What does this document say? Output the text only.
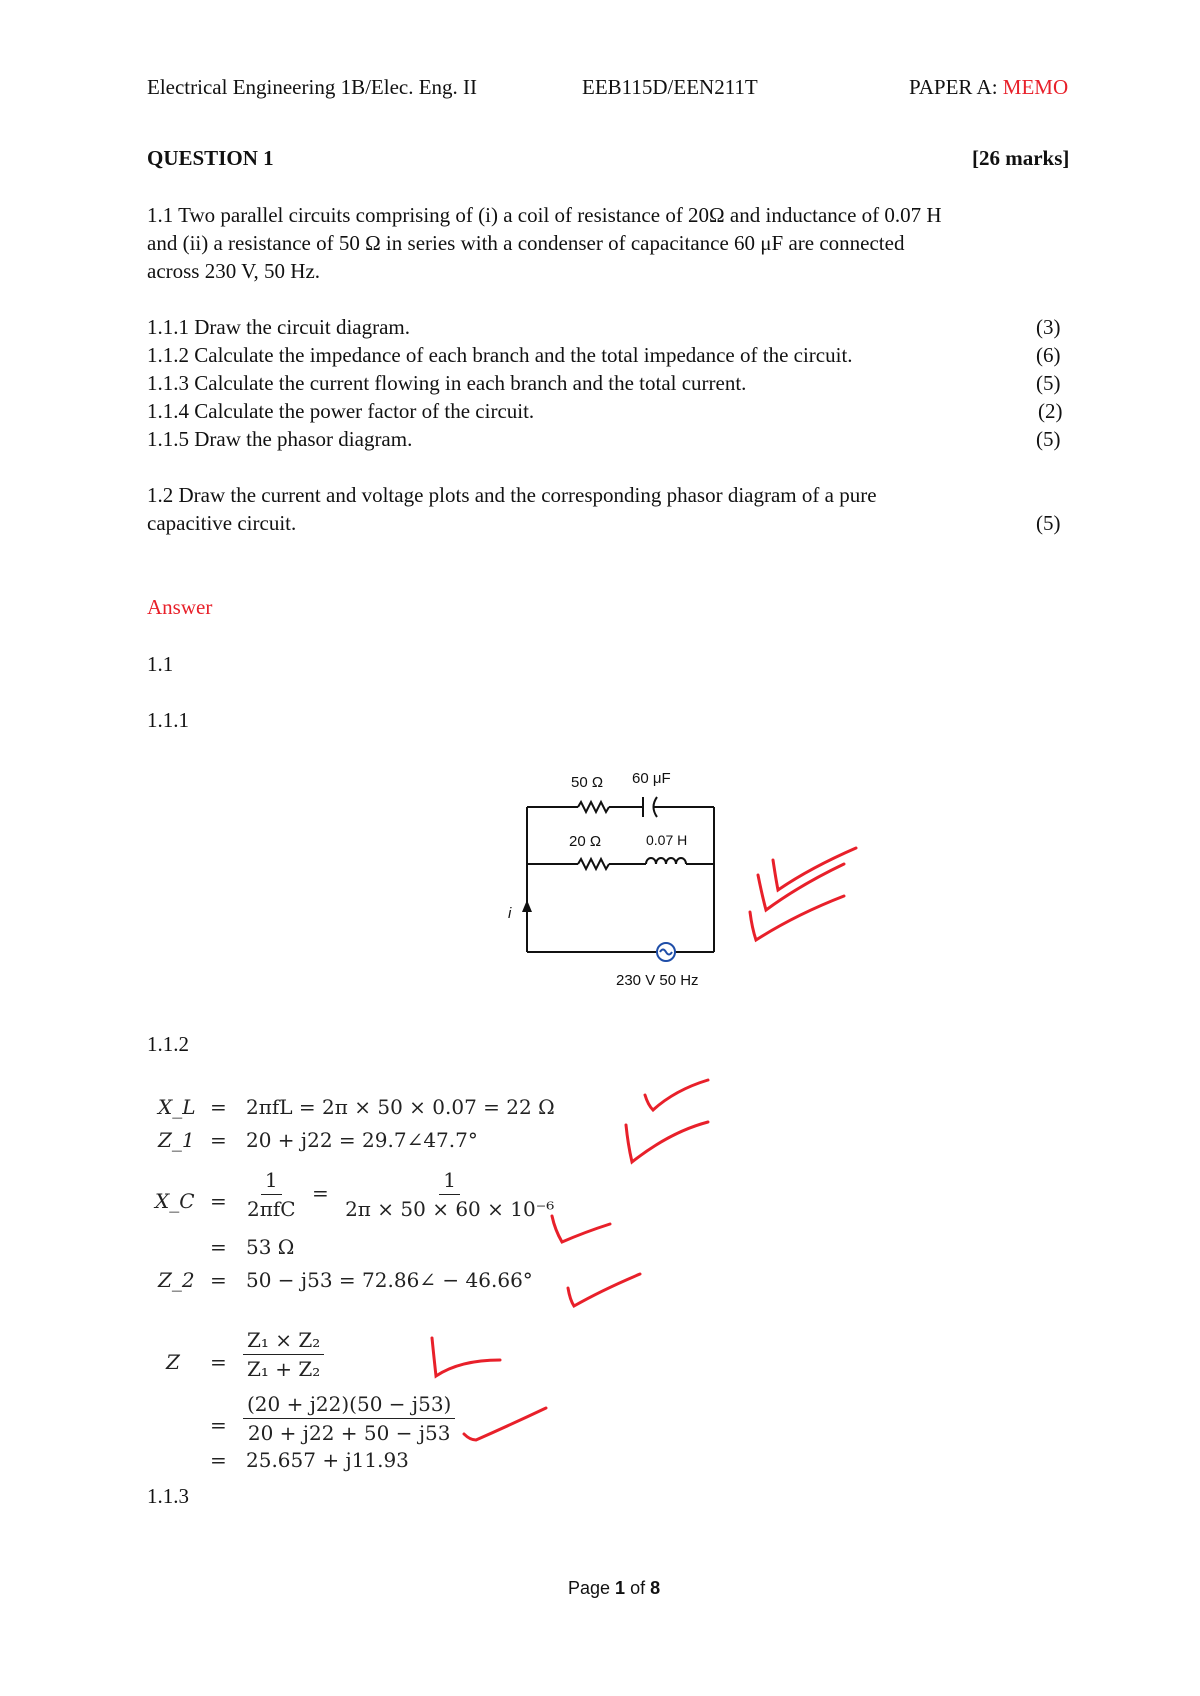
Electrical Engineering 1B/Elec. Eng. II	EEB115D/EEN211T	PAPER A: MEMO
QUESTION 1	[26 marks]
1.1 Two parallel circuits comprising of (i) a coil of resistance of 20Ω and inductance of 0.07 H
and (ii) a resistance of 50 Ω in series with a condenser of capacitance 60 μF are connected
across 230 V, 50 Hz.
1.1.1 Draw the circuit diagram.	(3)
1.1.2 Calculate the impedance of each branch and the total impedance of the circuit.	(6)
1.1.3 Calculate the current flowing in each branch and the total current.	(5)
1.1.4 Calculate the power factor of the circuit.	(2)
1.1.5 Draw the phasor diagram.	(5)
1.2 Draw the current and voltage plots and the corresponding phasor diagram of a pure
capacitive circuit.	(5)
Answer
1.1
1.1.1
50 Ω 60 μF
20 Ω	0.07 H
i
230 V 50 Hz
1.1.2
X_L = 2πfL = 2π × 50 × 0.07 = 22 Ω
Z_1 = 20 + j22 = 29.7∠47.7°
X_C = $\frac{1}{\text{2πfC}} = \frac{1}{\text{2π × 50 × 60 × 10⁻⁶}}$
= 53 Ω
Z_2 = 50 − j53 = 72.86∠ − 46.66°
$Z = \frac{\text{Z₁ × Z₂}}{\text{Z₁ + Z₂}}$
= $\frac{(20 + j22)(50 - j53)}{20 + j22 + 50 - j53}$
= 25.657 + j11.93
1.1.3
Page 1 of 8
